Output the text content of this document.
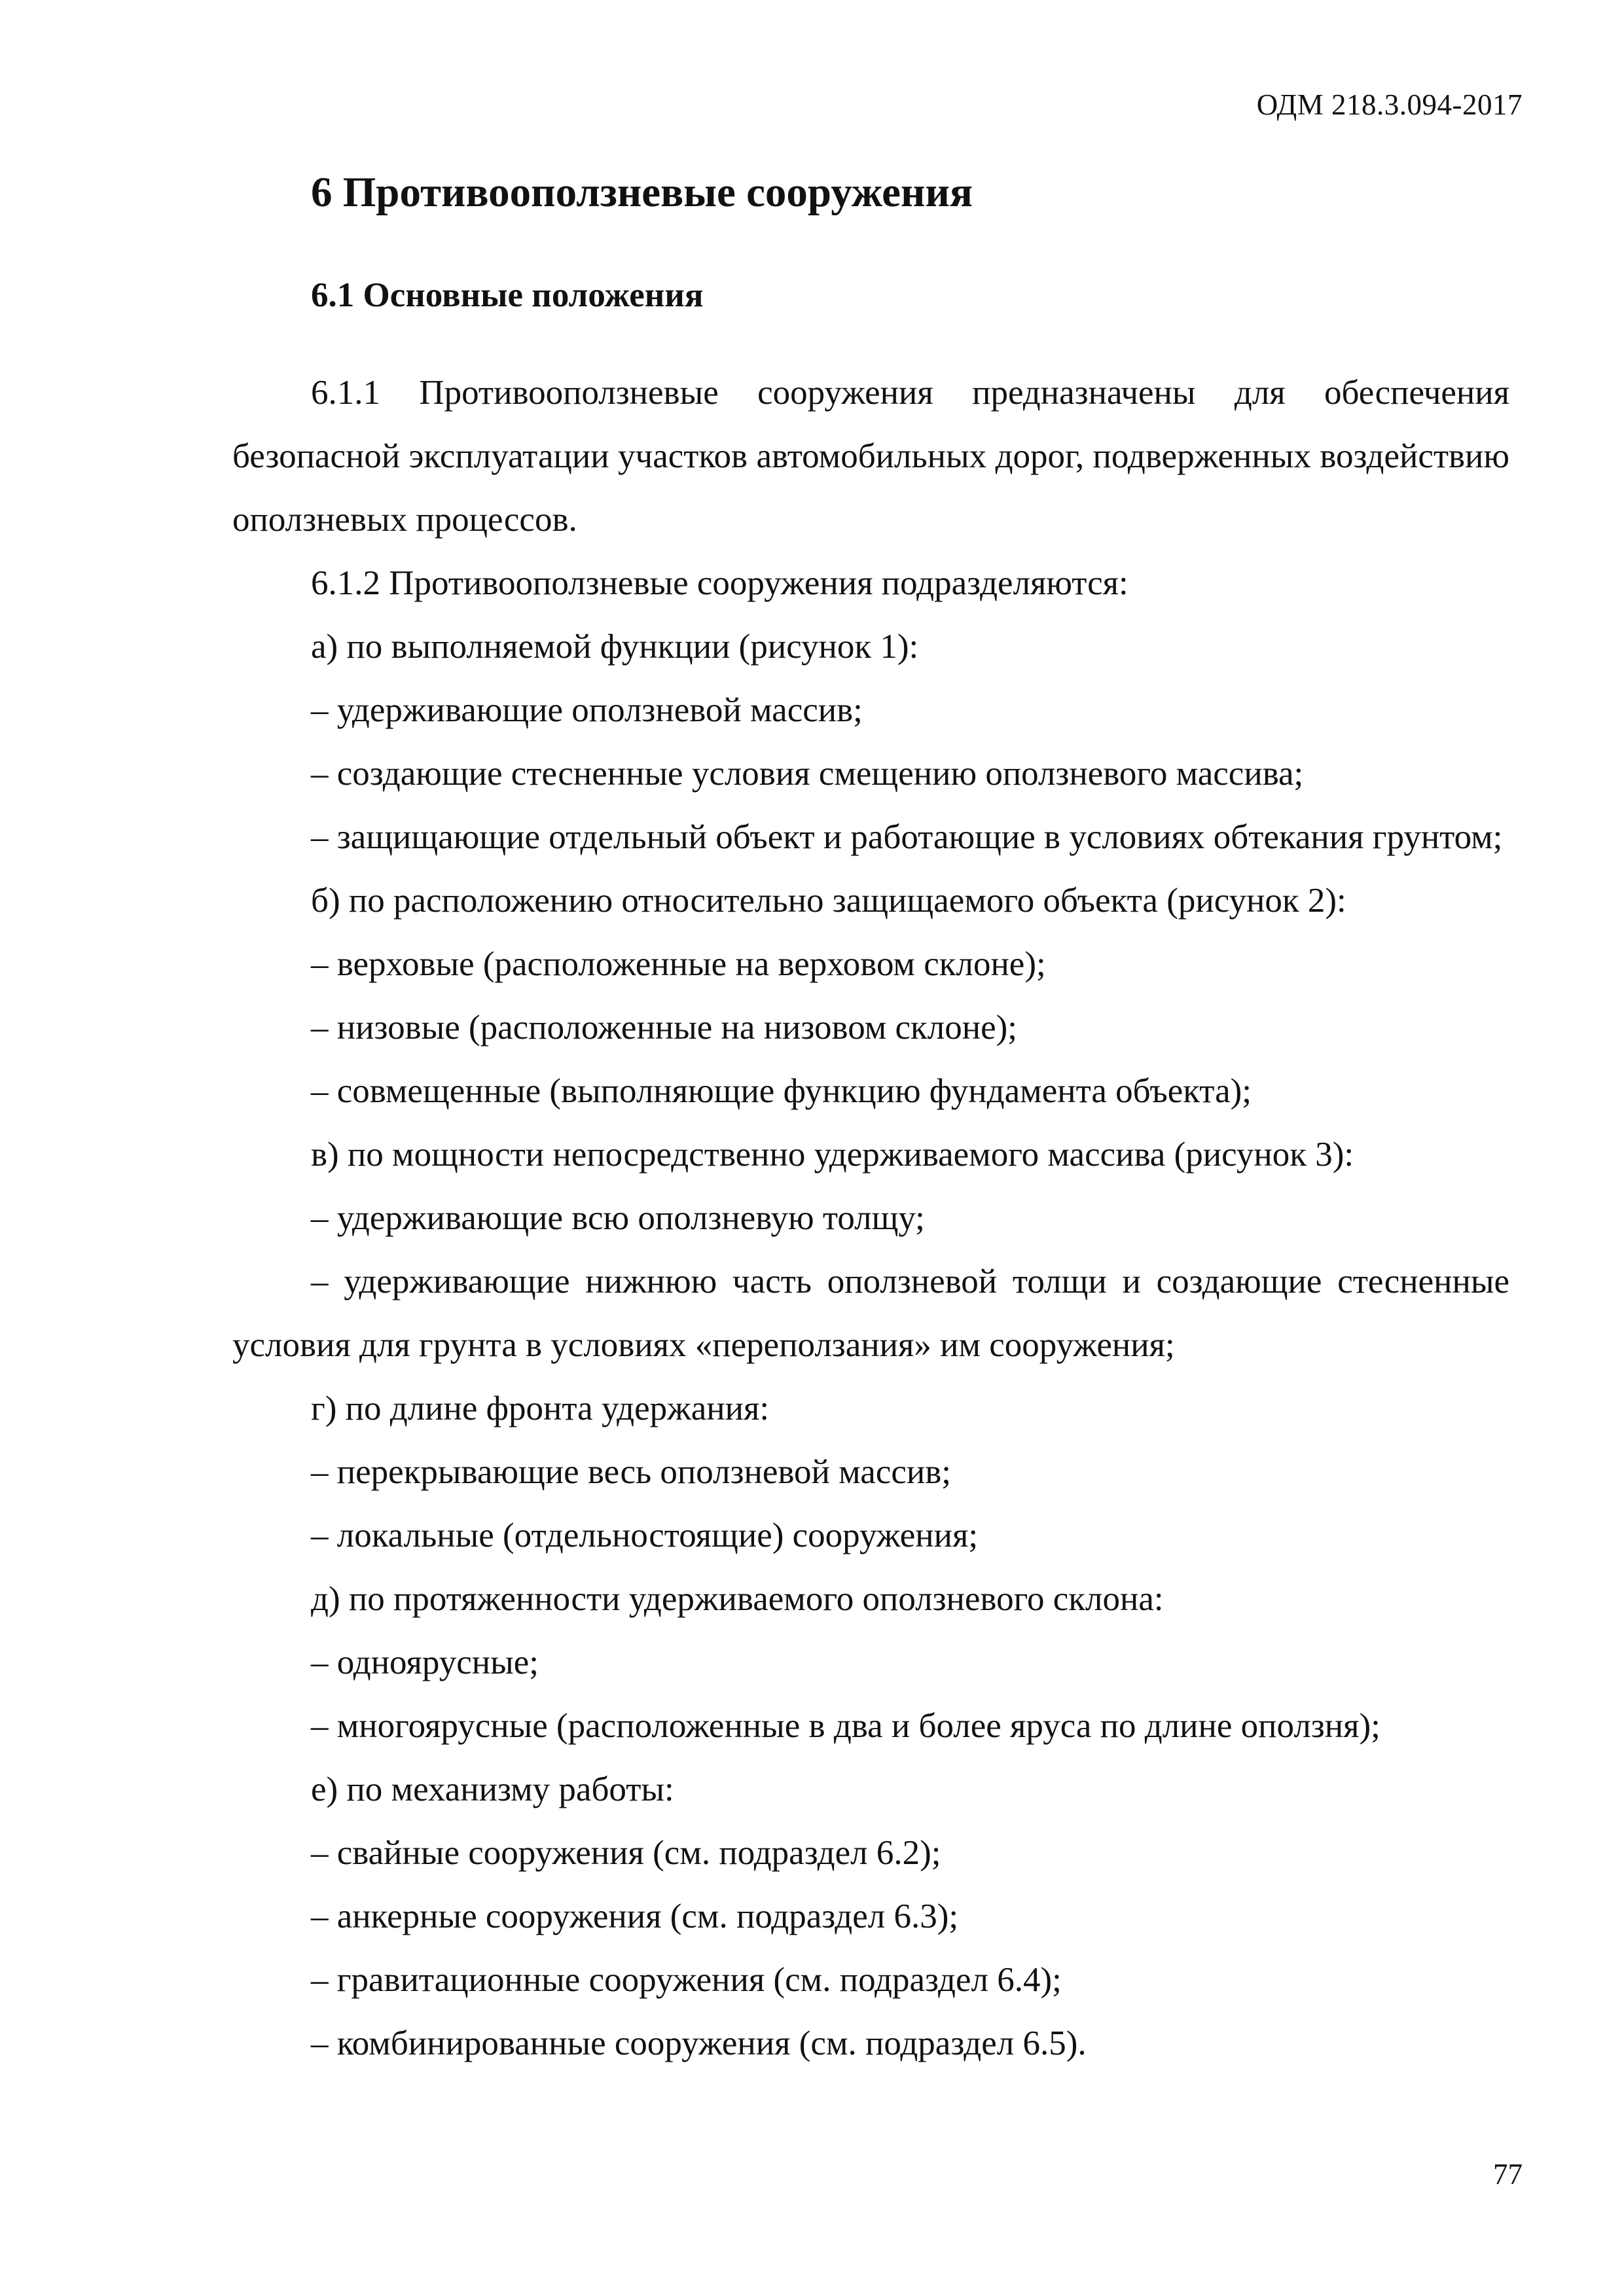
ОДМ 218.3.094-2017
6 Противооползневые сооружения
6.1 Основные положения

6.1.1 Противооползневые сооружения предназначены для обеспечения безопасной эксплуатации участков автомобильных дорог, подверженных воздействию оползневых процессов.

6.1.2 Противооползневые сооружения подразделяются:

а) по выполняемой функции (рисунок 1):

– удерживающие оползневой массив;

– создающие стесненные условия смещению оползневого массива;

– защищающие отдельный объект и работающие в условиях обтекания грунтом;

б) по расположению относительно защищаемого объекта (рисунок 2):

– верховые (расположенные на верховом склоне);

– низовые (расположенные на низовом склоне);

– совмещенные (выполняющие функцию фундамента объекта);

в) по мощности непосредственно удерживаемого массива (рисунок 3):

– удерживающие всю оползневую толщу;

– удерживающие нижнюю часть оползневой толщи и создающие стесненные условия для грунта в условиях «переползания» им сооружения;

г) по длине фронта удержания:

– перекрывающие весь оползневой массив;

– локальные (отдельностоящие) сооружения;

д) по протяженности удерживаемого оползневого склона:

– одноярусные;

– многоярусные (расположенные в два и более яруса по длине оползня);

е) по механизму работы:

– свайные сооружения (см. подраздел 6.2);

– анкерные сооружения (см. подраздел 6.3);

– гравитационные сооружения (см. подраздел 6.4);

– комбинированные сооружения (см. подраздел 6.5).

77
